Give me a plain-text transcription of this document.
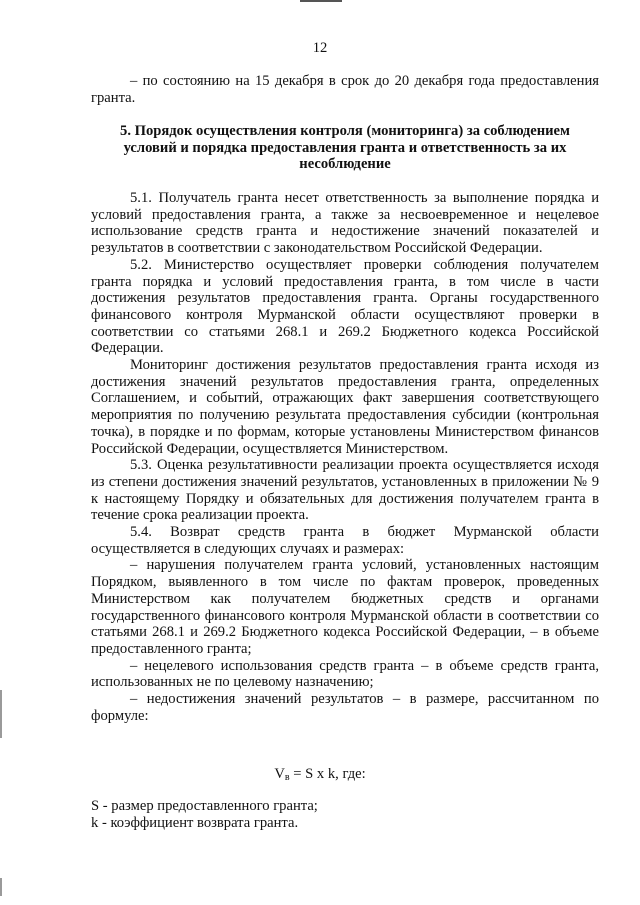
12

– по состоянию на 15 декабря в срок до 20 декабря года предоставления гранта.

5. Порядок осуществления контроля (мониторинга) за соблюдением
условий и порядка предоставления гранта и ответственность за их
несоблюдение

5.1. Получатель гранта несет ответственность за выполнение порядка и условий предоставления гранта, а также за несвоевременное и нецелевое использование средств гранта и недостижение значений показателей и результатов в соответствии с законодательством Российской Федерации.

5.2. Министерство осуществляет проверки соблюдения получателем гранта порядка и условий предоставления гранта, в том числе в части достижения результатов предоставления гранта. Органы государственного финансового контроля Мурманской области осуществляют проверки в соответствии со статьями 268.1 и 269.2 Бюджетного кодекса Российской Федерации.

Мониторинг достижения результатов предоставления гранта исходя из достижения значений результатов предоставления гранта, определенных Соглашением, и событий, отражающих факт завершения соответствующего мероприятия по получению результата предоставления субсидии (контрольная точка), в порядке и по формам, которые установлены Министерством финансов Российской Федерации, осуществляется Министерством.

5.3. Оценка результативности реализации проекта осуществляется исходя из степени достижения значений результатов, установленных в приложении № 9 к настоящему Порядку и обязательных для достижения получателем гранта в течение срока реализации проекта.

5.4. Возврат средств гранта в бюджет Мурманской области осуществляется в следующих случаях и размерах:

– нарушения получателем гранта условий, установленных настоящим Порядком, выявленного в том числе по фактам проверок, проведенных Министерством как получателем бюджетных средств и органами государственного финансового контроля Мурманской области в соответствии со статьями 268.1 и 269.2 Бюджетного кодекса Российской Федерации, – в объеме предоставленного гранта;

– нецелевого использования средств гранта – в объеме средств гранта, использованных не по целевому назначению;

– недостижения значений результатов – в размере, рассчитанном по формуле:

$V_в = S$ x k, где:
S - размер предоставленного гранта;
k - коэффициент возврата гранта.
